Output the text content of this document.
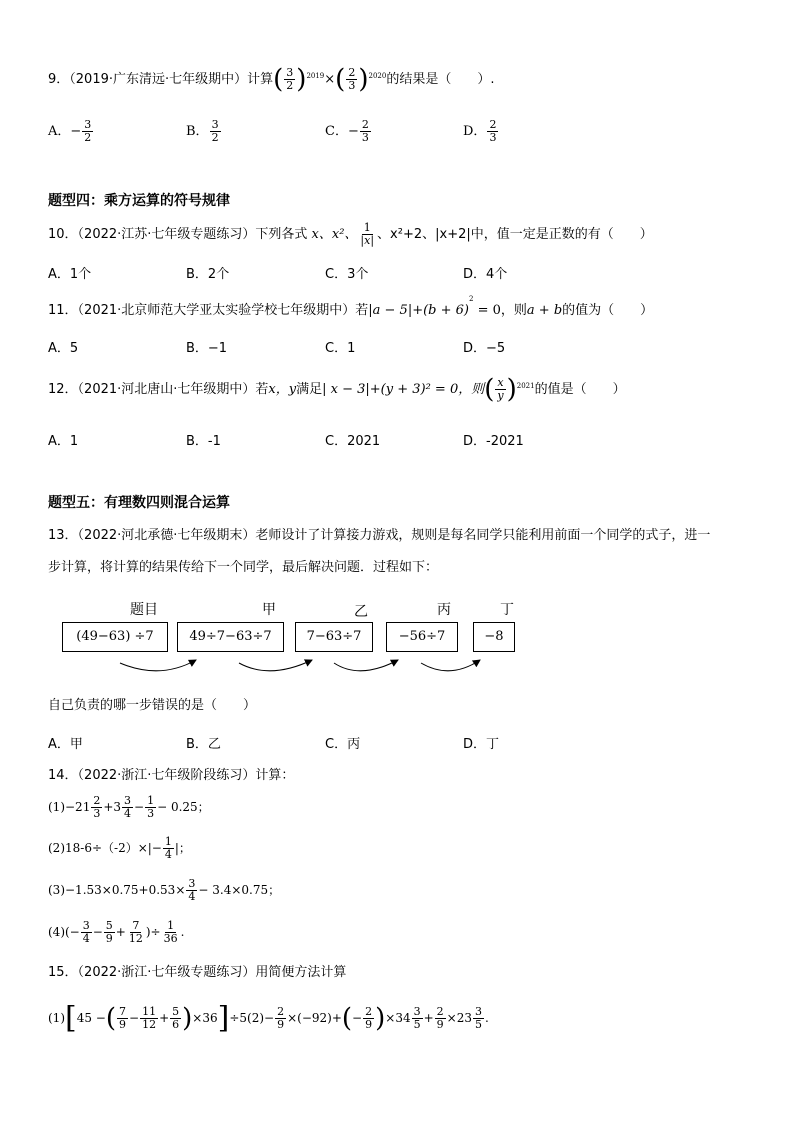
9．（2019·广东清远·七年级期中）计算( $\frac{3}{2} )^{2019}\times( \frac{2}{3} )^{2020}$的结果是（　　）.
A．− $\frac{3}{2}$	B． $\frac{3}{2}$	C．− $\frac{2}{3}$	D． $\frac{2}{3}$
题型四：乘方运算的符号规律
10．（2022·江苏·七年级专题练习）下列各式 x、x²、 $\frac{1}{|x|}$ 、x²+2、|x+2|中，值一定是正数的有（　　）
A．1个	B．2个	C．3个	D．4个
11．（2021·北京师范大学亚太实验学校七年级期中）若$|a - 5|+(b + 6)^2 = 0$，则a + b的值为（　　）
A．5	B．−1	C．1	D．−5
12．（2021·河北唐山·七年级期中）若x，y满足| x − 3|+(y + 3)² = 0，则( $\frac{x}{y} )^{2021}$的值是（　　）
A．1	B．-1	C．2021	D．-2021
题型五：有理数四则混合运算
13．（2022·河北承德·七年级期末）老师设计了计算接力游戏，规则是每名同学只能利用前面一个同学的式子，进一
步计算，将计算的结果传给下一个同学，最后解决问题．过程如下：
题目	甲	乙	丙	丁
(49−63) ÷7	49÷7−63÷7	7−63÷7	−56÷7	−8
自己负责的哪一步错误的是（　　）
A．甲	B．乙	C．丙	D．丁
14．（2022·浙江·七年级阶段练习）计算：
$(1)-21 \frac{2}{3} +3 \frac{3}{4} - \frac{1}{3} - 0.25$；
$(2)18-6\div(-2)\times|- \frac{1}{4}$ |；
$(3)-1.53\times 0.75+0.53\times \frac{3}{4} - 3.4\times 0.75$；
$(4)(- \frac{3}{4} - \frac{5}{9} + \frac{7}{12}$ )÷ $\frac{1}{36}$ .
15．（2022·浙江·七年级专题练习）用简便方法计算
(1)[45 −( $\frac{7}{9} - \frac{11}{12} + \frac{5}{6} )\times 36]\div 5(2)- \frac{2}{9} \times(-92)+(- \frac{2}{9} )\times 34 \frac{3}{5} + \frac{2}{9} \times 23 \frac{3}{5}$ .
